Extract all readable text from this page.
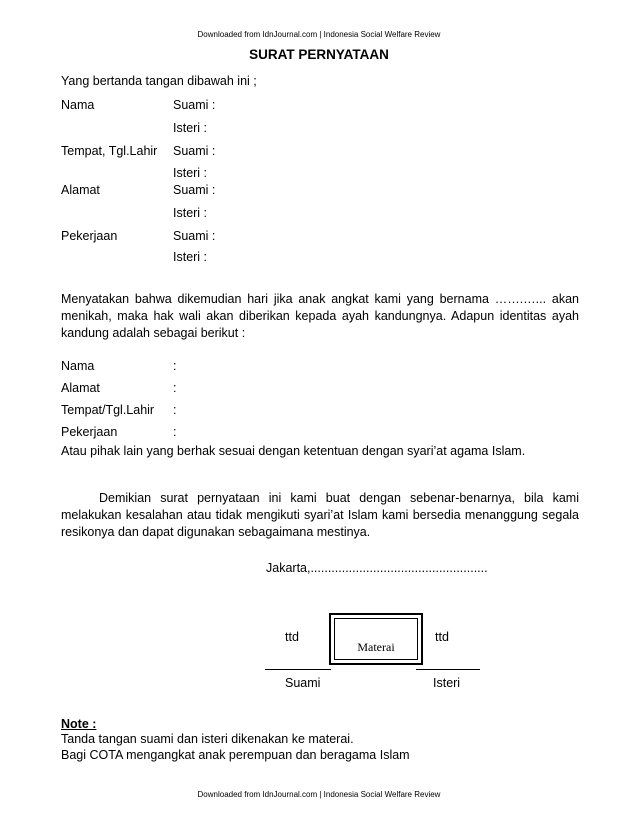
Downloaded from IdnJournal.com | Indonesia Social Welfare Review
SURAT PERNYATAAN
Yang bertanda tangan dibawah ini ;
Nama	Suami :
Isteri :
Tempat, Tgl.Lahir Suami :
Isteri :
Alamat	Suami :
Isteri :
Pekerjaan	Suami :
Isteri :
Menyatakan bahwa dikemudian hari jika anak angkat kami yang bernama …….…... akan menikah, maka hak wali akan diberikan kepada ayah kandungnya. Adapun identitas ayah kandung adalah sebagai berikut :
Nama	:
Alamat	:
Tempat/Tgl.Lahir :
Pekerjaan	:
Atau pihak lain yang berhak sesuai dengan ketentuan dengan syari’at agama Islam.
Demikian surat pernyataan ini kami buat dengan sebenar-benarnya, bila kami melakukan kesalahan atau tidak mengikuti syari’at Islam kami bersedia menanggung segala resikonya dan dapat digunakan sebagaimana mestinya.
Jakarta,...................................................
ttd
Materai
ttd
Suami	Isteri
Note :
Tanda tangan suami dan isteri dikenakan ke materai.
Bagi COTA mengangkat anak perempuan dan beragama Islam
Downloaded from IdnJournal.com | Indonesia Social Welfare Review
